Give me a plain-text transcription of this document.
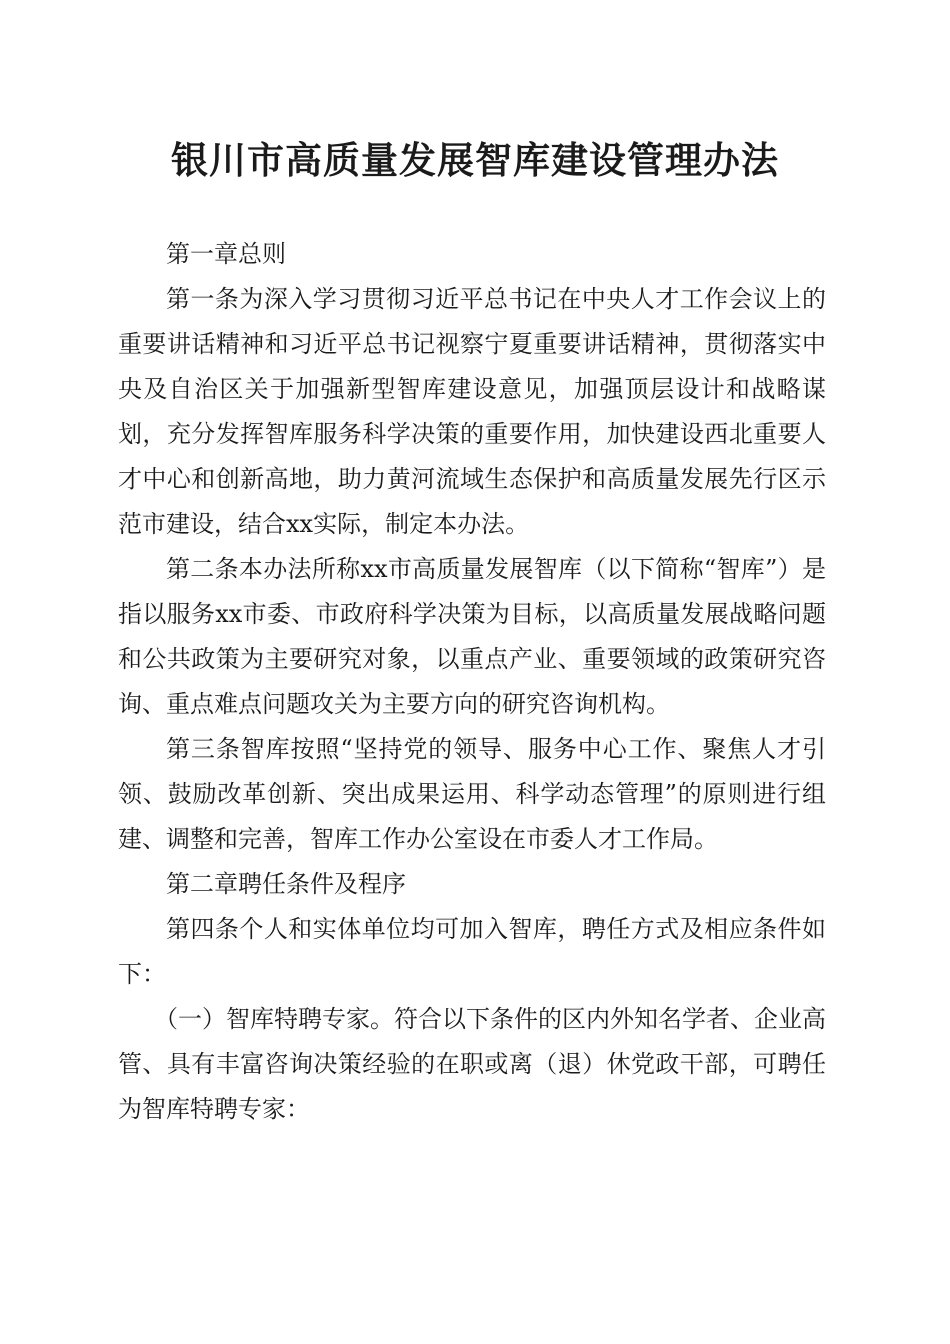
银川市高质量发展智库建设管理办法

第一章总则

第一条为深入学习贯彻习近平总书记在中央人才工作会议上的重要讲话精神和习近平总书记视察宁夏重要讲话精神，贯彻落实中央及自治区关于加强新型智库建设意见，加强顶层设计和战略谋划，充分发挥智库服务科学决策的重要作用，加快建设西北重要人才中心和创新高地，助力黄河流域生态保护和高质量发展先行区示范市建设，结合xx实际，制定本办法。

第二条本办法所称xx市高质量发展智库（以下简称“智库”）是指以服务xx市委、市政府科学决策为目标，以高质量发展战略问题和公共政策为主要研究对象，以重点产业、重要领域的政策研究咨询、重点难点问题攻关为主要方向的研究咨询机构。

第三条智库按照“坚持党的领导、服务中心工作、聚焦人才引领、鼓励改革创新、突出成果运用、科学动态管理”的原则进行组建、调整和完善，智库工作办公室设在市委人才工作局。

第二章聘任条件及程序

第四条个人和实体单位均可加入智库，聘任方式及相应条件如下：

（一）智库特聘专家。符合以下条件的区内外知名学者、企业高管、具有丰富咨询决策经验的在职或离（退）休党政干部，可聘任为智库特聘专家：
